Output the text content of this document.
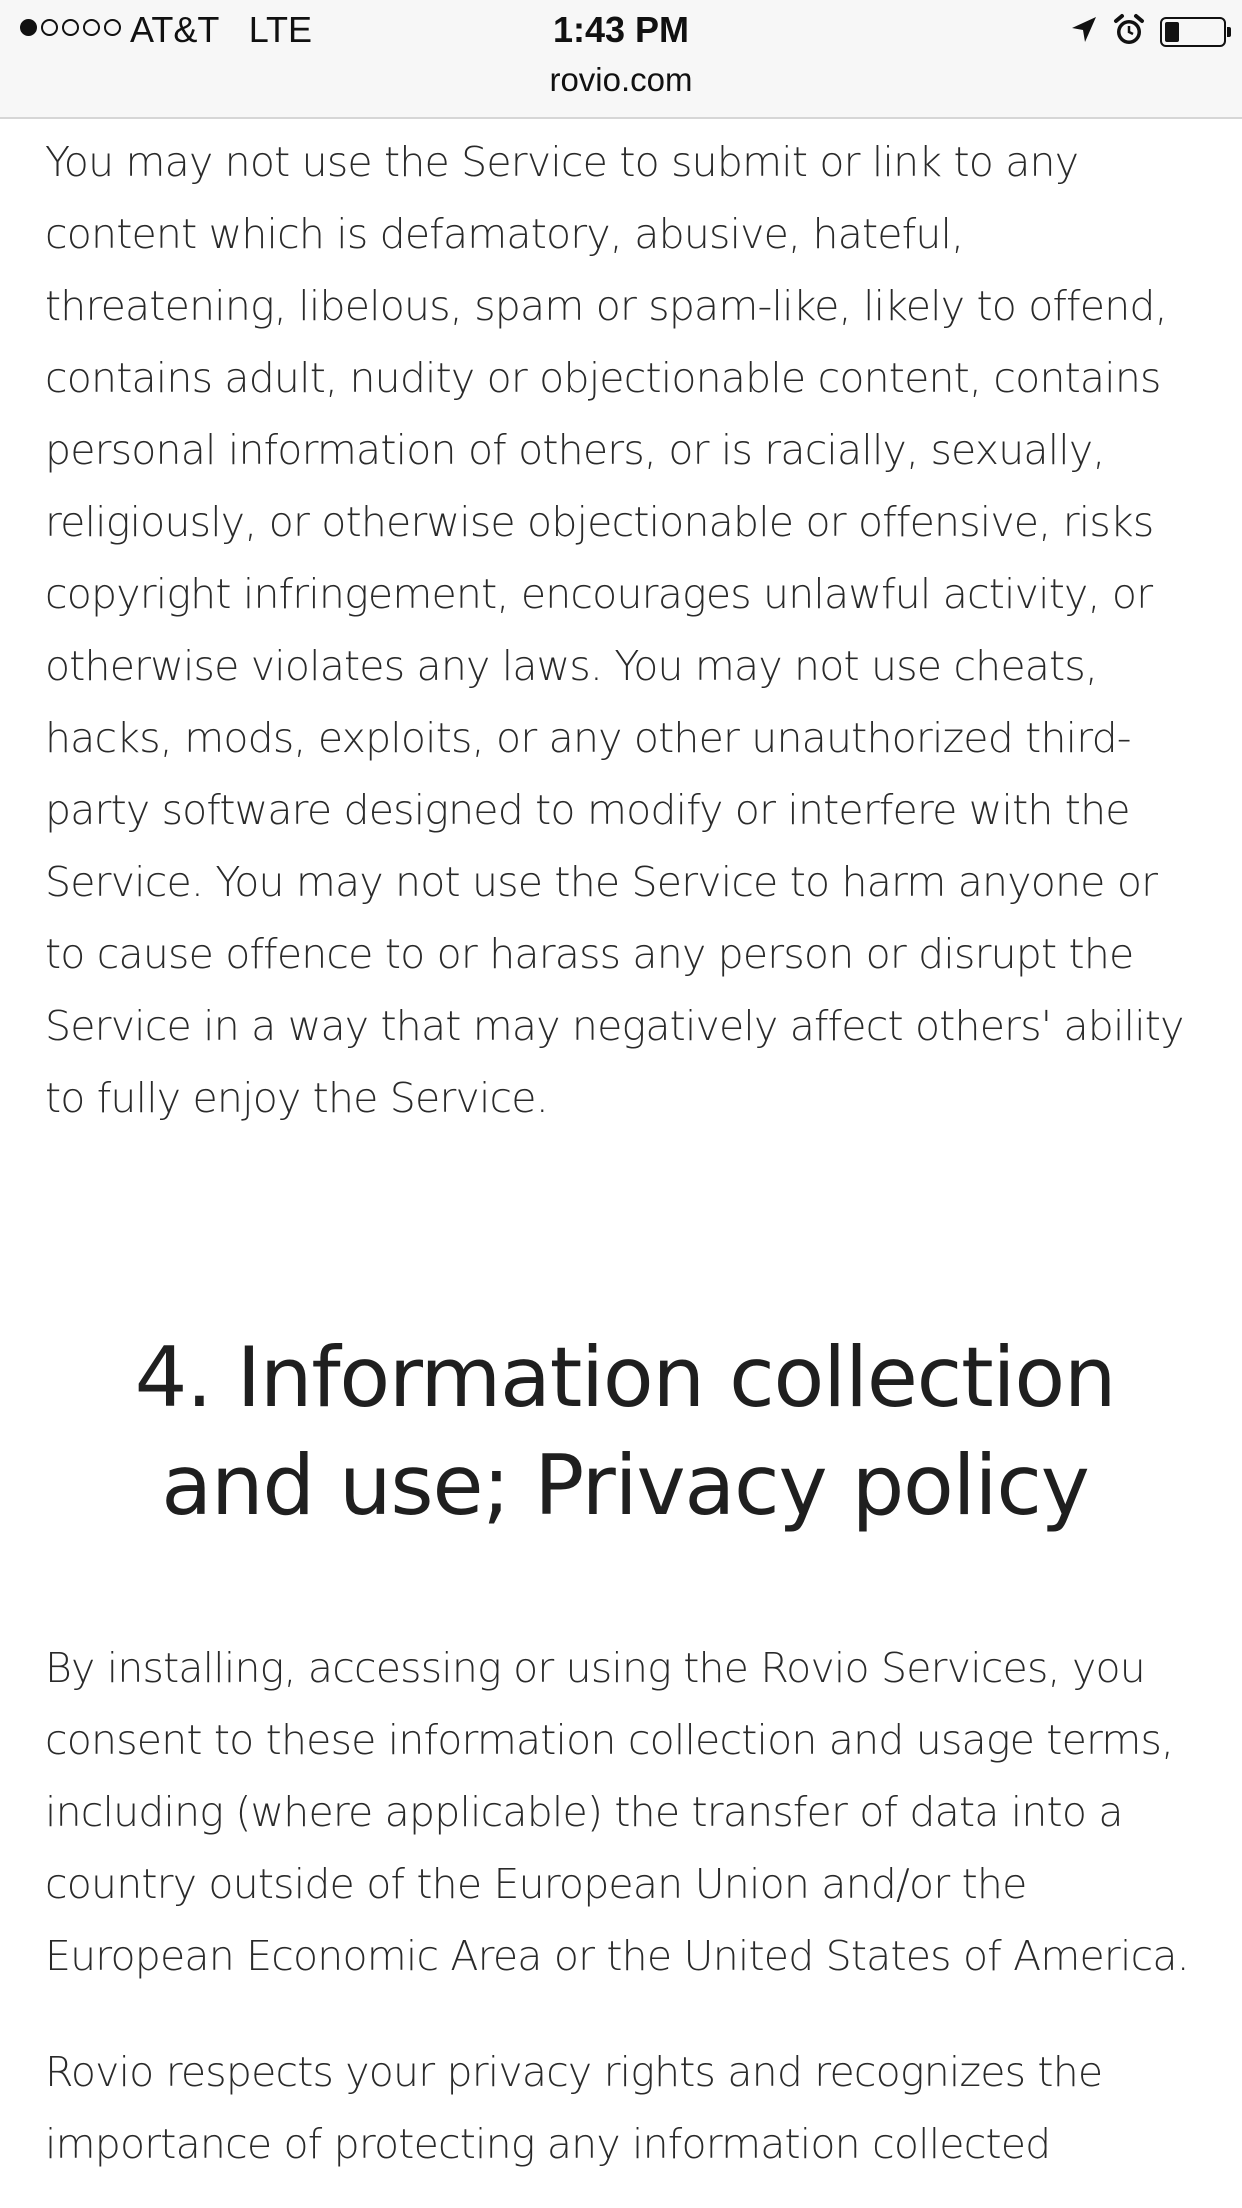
AT&T LTE	1:43 PM
rovio.com

You may not use the Service to submit or link to any content which is defamatory, abusive, hateful, threatening, libelous, spam or spam-like, likely to offend, contains adult, nudity or objectionable content, contains personal information of others, or is racially, sexually, religiously, or otherwise objectionable or offensive, risks copyright infringement, encourages unlawful activity, or otherwise violates any laws. You may not use cheats, hacks, mods, exploits, or any other unauthorized third-party software designed to modify or interfere with the Service. You may not use the Service to harm anyone or to cause offence to or harass any person or disrupt the Service in a way that may negatively affect others' ability to fully enjoy the Service.

4. Information collection and use; Privacy policy

By installing, accessing or using the Rovio Services, you consent to these information collection and usage terms, including (where applicable) the transfer of data into a country outside of the European Union and/or the European Economic Area or the United States of America.

Rovio respects your privacy rights and recognizes the importance of protecting any information collected
